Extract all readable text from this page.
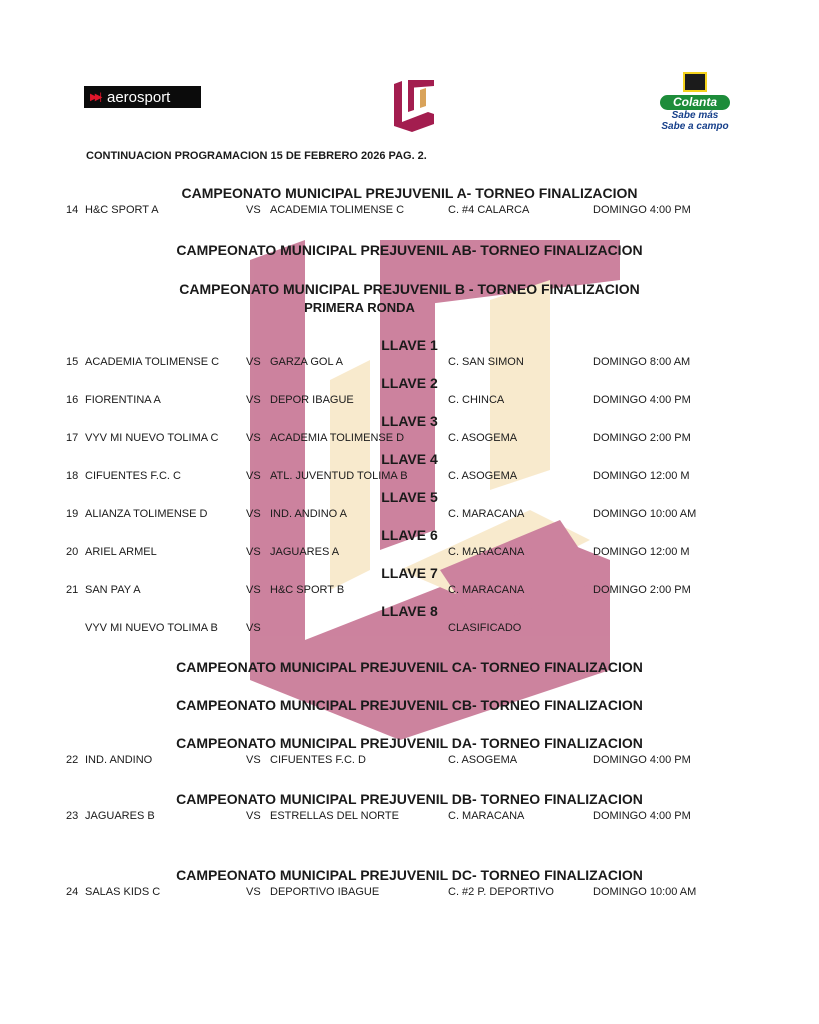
▶▶| aerosport	Colanta
Sabe más
Sabe a campo
CONTINUACION PROGRAMACION 15 DE FEBRERO 2026 PAG. 2.
CAMPEONATO MUNICIPAL PREJUVENIL A- TORNEO FINALIZACION
14 H&C SPORT A	VS ACADEMIA TOLIMENSE C	C. #4 CALARCA	DOMINGO 4:00 PM
CAMPEONATO MUNICIPAL PREJUVENIL AB- TORNEO FINALIZACION
CAMPEONATO MUNICIPAL PREJUVENIL B - TORNEO FINALIZACION
PRIMERA RONDA
LLAVE 1
15 ACADEMIA TOLIMENSE C VS GARZA GOL A	C. SAN SIMON	DOMINGO 8:00 AM
LLAVE 2
16 FIORENTINA A	VS DEPOR IBAGUE	C. CHINCA	DOMINGO 4:00 PM
LLAVE 3
17 VYV MI NUEVO TOLIMA C	VS ACADEMIA TOLIMENSE D	C. ASOGEMA	DOMINGO 2:00 PM
LLAVE 4
18 CIFUENTES F.C. C	VS ATL. JUVENTUD TOLIMA B	C. ASOGEMA	DOMINGO 12:00 M
LLAVE 5
19 ALIANZA TOLIMENSE D	VS IND. ANDINO A	C. MARACANA	DOMINGO 10:00 AM
LLAVE 6
20 ARIEL ARMEL	VS JAGUARES A	C. MARACANA	DOMINGO 12:00 M
LLAVE 7
21 SAN PAY A	VS H&C SPORT B	C. MARACANA	DOMINGO 2:00 PM
LLAVE 8
VYV MI NUEVO TOLIMA B	VS	CLASIFICADO
CAMPEONATO MUNICIPAL PREJUVENIL CA- TORNEO FINALIZACION
CAMPEONATO MUNICIPAL PREJUVENIL CB- TORNEO FINALIZACION
CAMPEONATO MUNICIPAL PREJUVENIL DA- TORNEO FINALIZACION
22 IND. ANDINO	VS CIFUENTES F.C. D	C. ASOGEMA	DOMINGO 4:00 PM
CAMPEONATO MUNICIPAL PREJUVENIL DB- TORNEO FINALIZACION
23 JAGUARES B	VS ESTRELLAS DEL NORTE	C. MARACANA	DOMINGO 4:00 PM
CAMPEONATO MUNICIPAL PREJUVENIL DC- TORNEO FINALIZACION
24 SALAS KIDS C	VS DEPORTIVO IBAGUE	C. #2 P. DEPORTIVO	DOMINGO 10:00 AM
